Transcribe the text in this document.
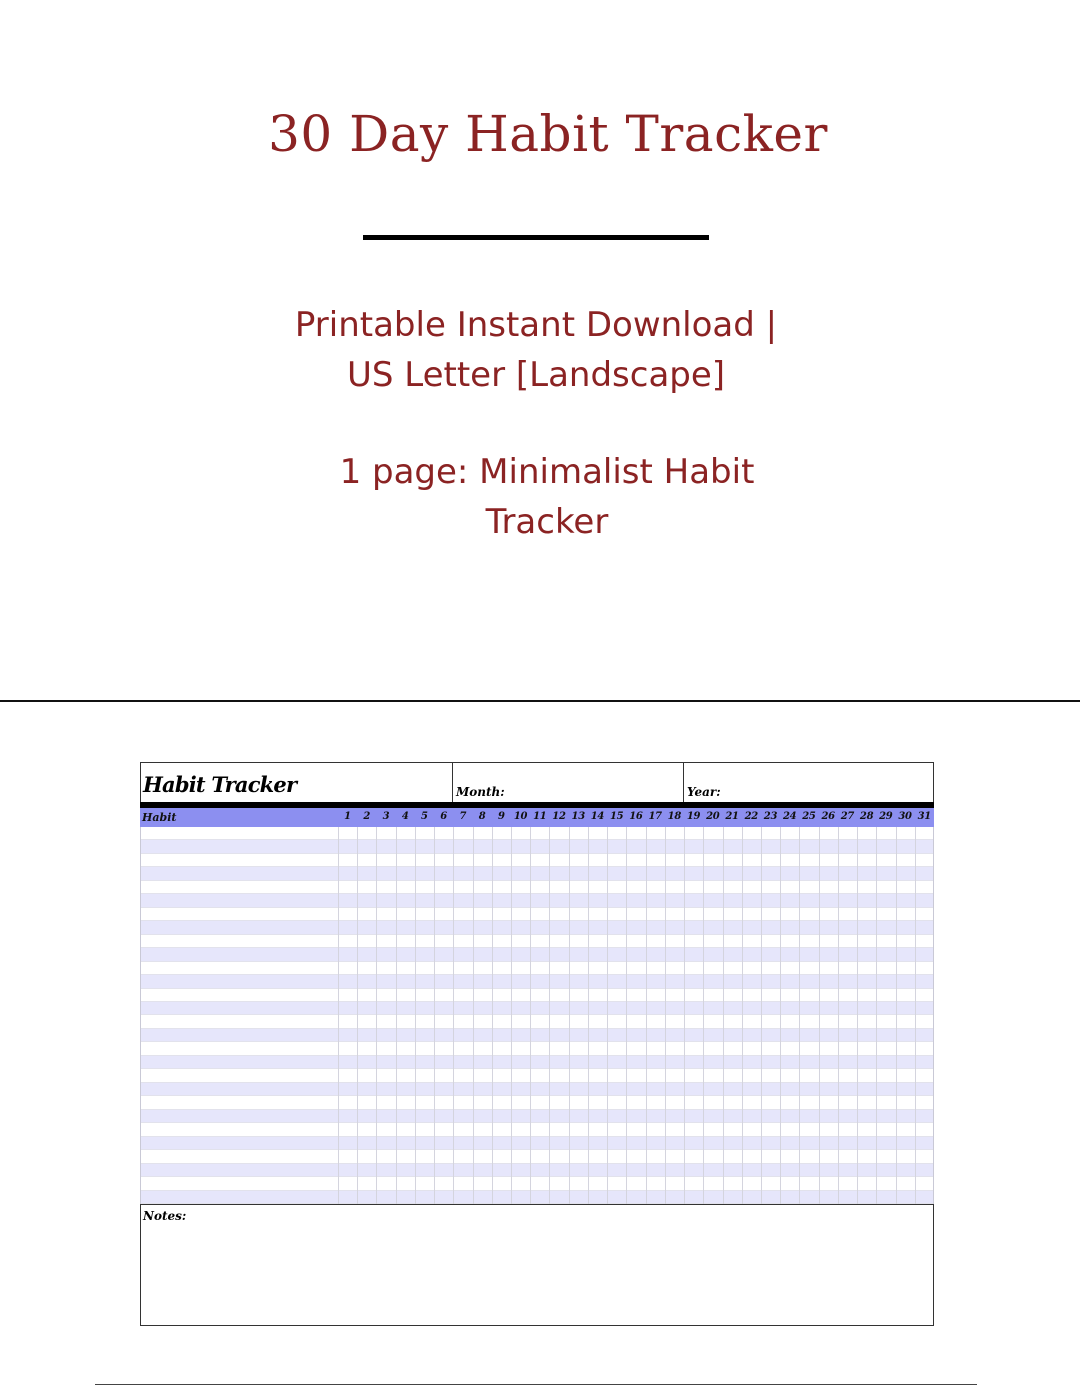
30 Day Habit Tracker
Printable Instant Download |
US Letter [Landscape]
1 page: Minimalist Habit
Tracker
Habit Tracker	Month:	Year:
Habit	1	2	3	4	5	6	7	8	9 10 11 12 13 14 15 16 17 18 19 20 21 22 23 24 25 26 27 28 29 30 31
Notes:
